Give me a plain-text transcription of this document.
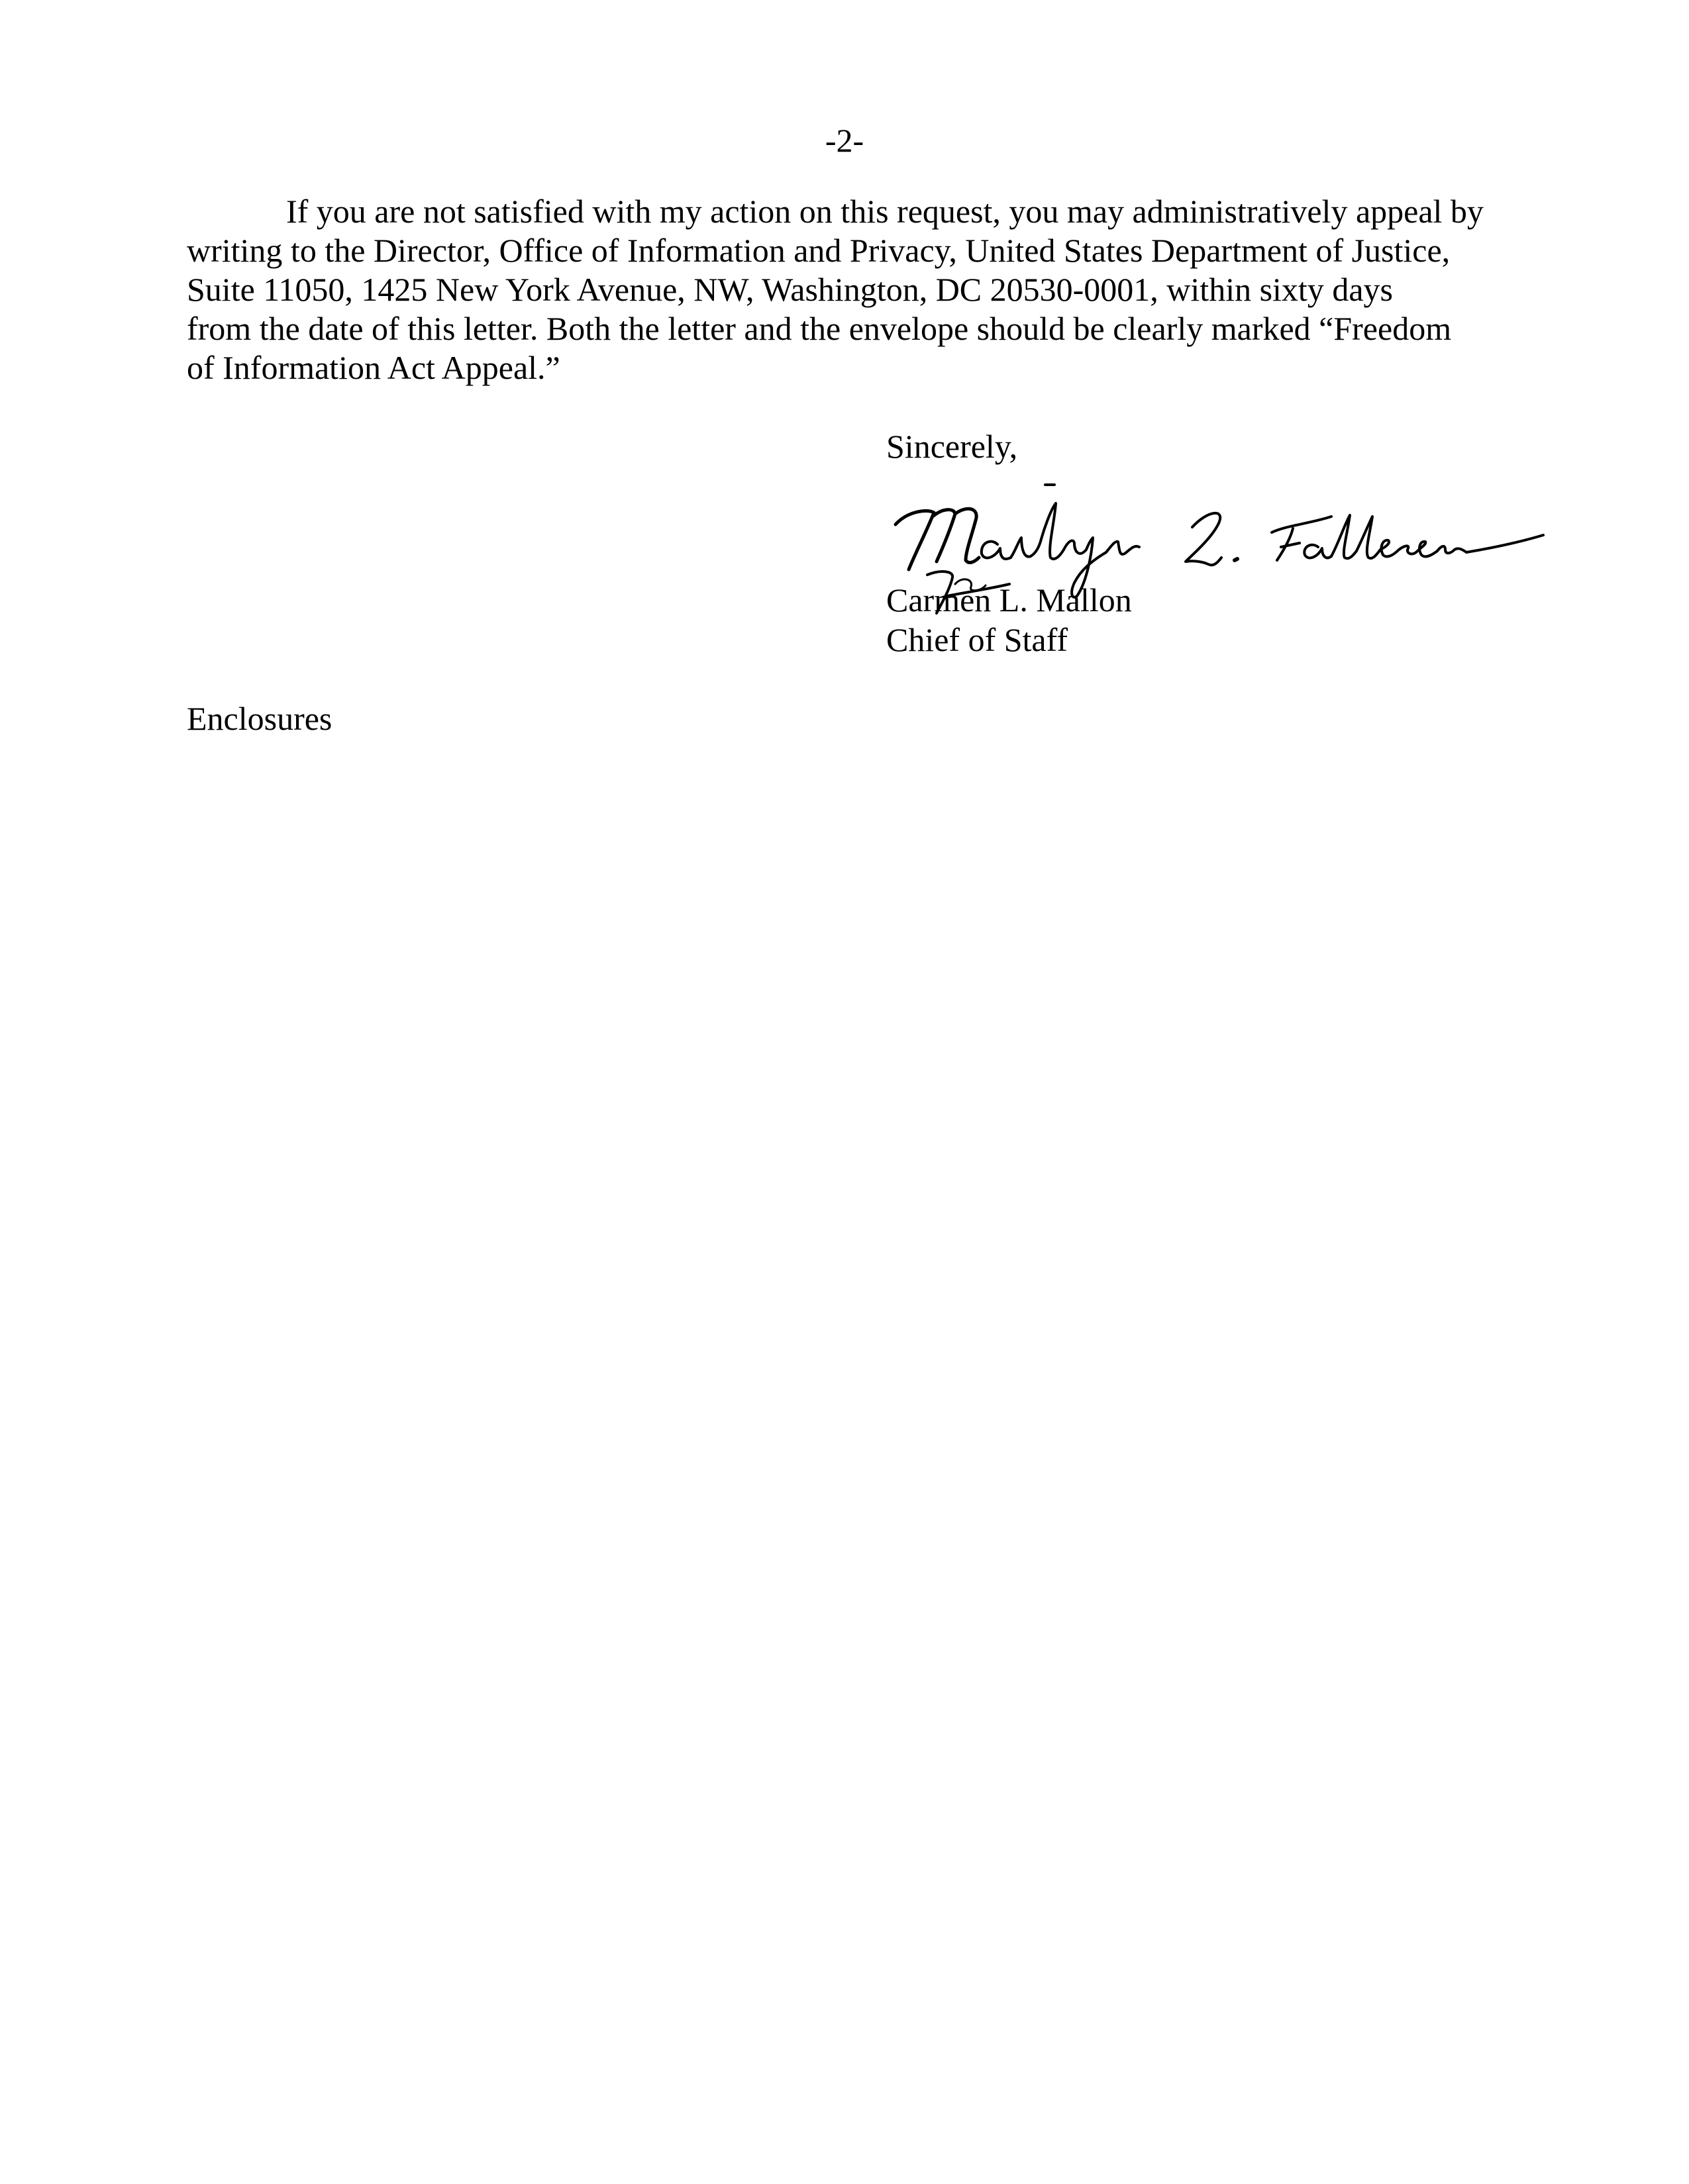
-2-
If you are not satisfied with my action on this request, you may administratively appeal by
writing to the Director, Office of Information and Privacy, United States Department of Justice,
Suite 11050, 1425 New York Avenue, NW, Washington, DC 20530-0001, within sixty days
from the date of this letter. Both the letter and the envelope should be clearly marked “Freedom
of Information Act Appeal.”
Sincerely,
Carmen L. Mallon
Chief of Staff
Enclosures
